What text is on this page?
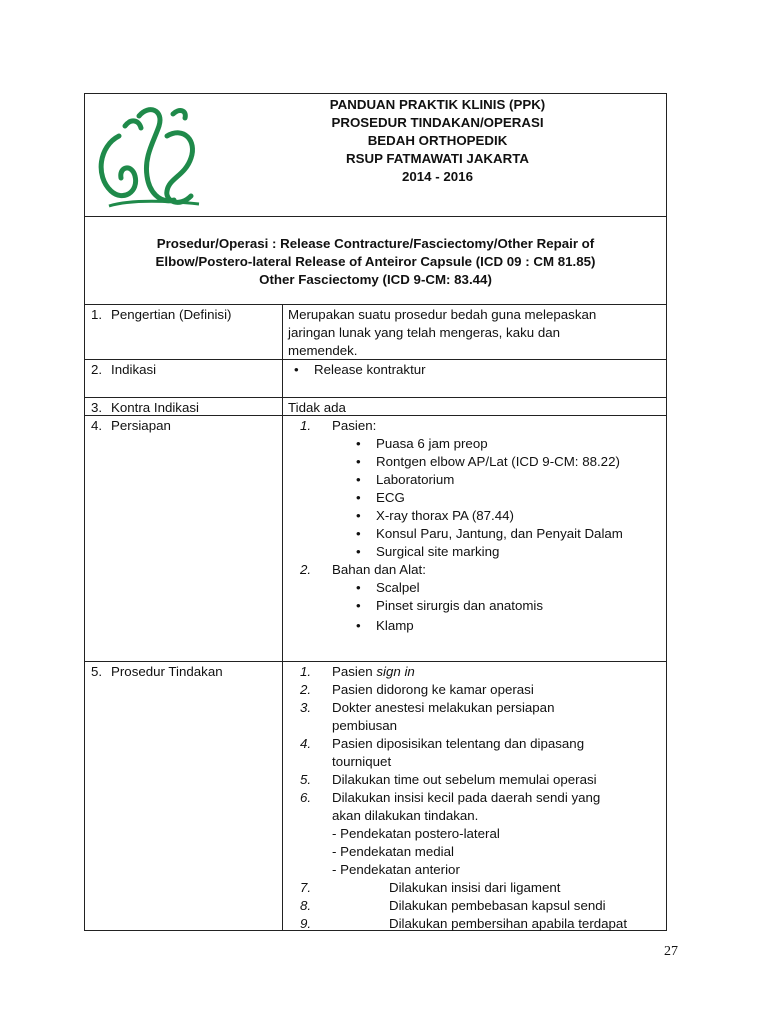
PANDUAN PRAKTIK KLINIS (PPK)
PROSEDUR TINDAKAN/OPERASI
BEDAH ORTHOPEDIK
RSUP FATMAWATI JAKARTA
2014 - 2016
Prosedur/Operasi : Release Contracture/Fasciectomy/Other Repair of
Elbow/Postero-lateral Release of Anteiror Capsule (ICD 09 : CM 81.85)
Other Fasciectomy (ICD 9-CM: 83.44)
1. Pengertian (Definisi)	Merupakan suatu prosedur bedah guna melepaskan
jaringan lunak yang telah mengeras, kaku dan
memendek.
2. Indikasi	• Release kontraktur
3. Kontra Indikasi	Tidak ada
4. Persiapan	1. Pasien:
• Puasa 6 jam preop
• Rontgen elbow AP/Lat (ICD 9-CM: 88.22)
• Laboratorium
• ECG
• X-ray thorax PA (87.44)
• Konsul Paru, Jantung, dan Penyait Dalam
• Surgical site marking
2. Bahan dan Alat:
• Scalpel
• Pinset sirurgis dan anatomis
• Klamp
5. Prosedur Tindakan	1. Pasien sign in
2. Pasien didorong ke kamar operasi
3. Dokter anestesi melakukan persiapan
pembiusan
4. Pasien diposisikan telentang dan dipasang
tourniquet
5. Dilakukan time out sebelum memulai operasi
6. Dilakukan insisi kecil pada daerah sendi yang
akan dilakukan tindakan.
- Pendekatan postero-lateral
- Pendekatan medial
- Pendekatan anterior
7.	Dilakukan insisi dari ligament
8.	Dilakukan pembebasan kapsul sendi
9.	Dilakukan pembersihan apabila terdapat
27
